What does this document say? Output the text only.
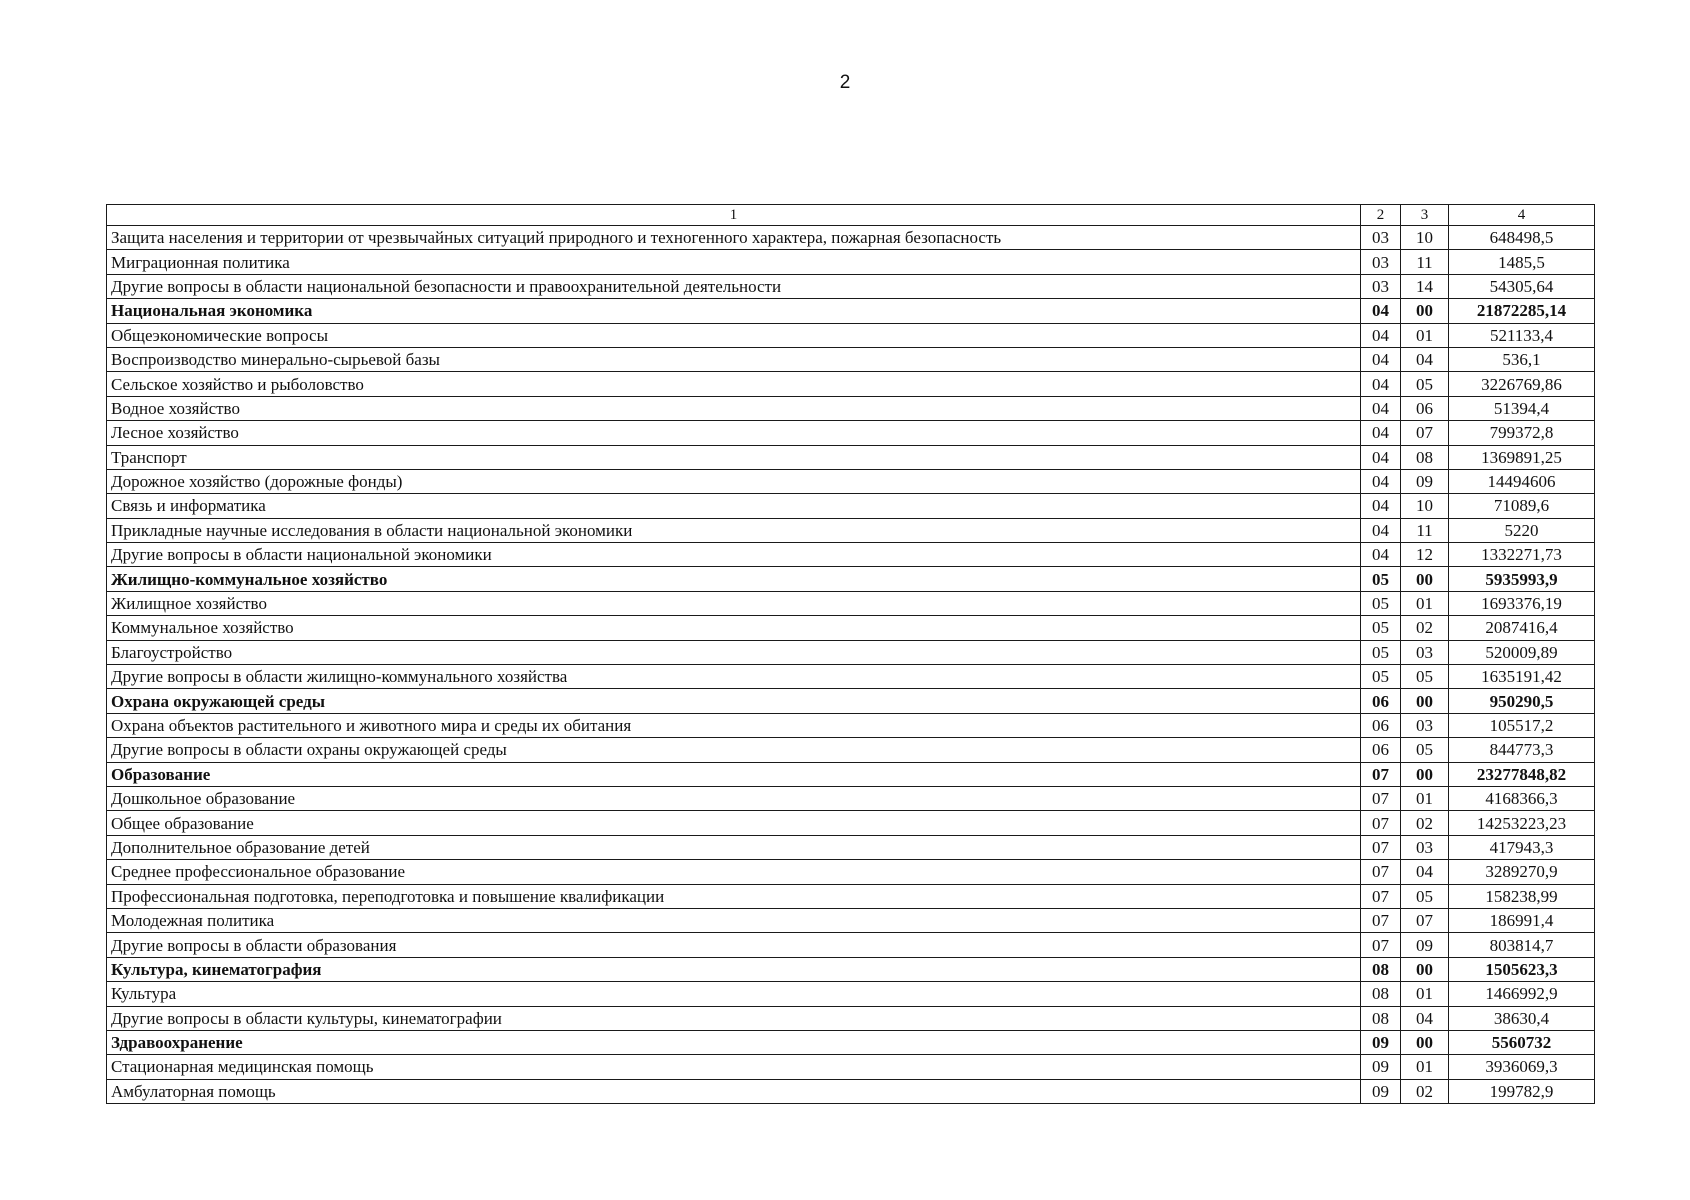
2
1	2	3	4
Защита населения и территории от чрезвычайных ситуаций природного и техногенного характера, пожарная безопасность	03	10	648498,5
Миграционная политика	03	11	1485,5
Другие вопросы в области национальной безопасности и правоохранительной деятельности	03	14	54305,64
Национальная экономика	04	00	21872285,14
Общеэкономические вопросы	04	01	521133,4
Воспроизводство минерально-сырьевой базы	04	04	536,1
Сельское хозяйство и рыболовство	04	05	3226769,86
Водное хозяйство	04	06	51394,4
Лесное хозяйство	04	07	799372,8
Транспорт	04	08	1369891,25
Дорожное хозяйство (дорожные фонды)	04	09	14494606
Связь и информатика	04	10	71089,6
Прикладные научные исследования в области национальной экономики	04	11	5220
Другие вопросы в области национальной экономики	04	12	1332271,73
Жилищно-коммунальное хозяйство	05	00	5935993,9
Жилищное хозяйство	05	01	1693376,19
Коммунальное хозяйство	05	02	2087416,4
Благоустройство	05	03	520009,89
Другие вопросы в области жилищно-коммунального хозяйства	05	05	1635191,42
Охрана окружающей среды	06	00	950290,5
Охрана объектов растительного и животного мира и среды их обитания	06	03	105517,2
Другие вопросы в области охраны окружающей среды	06	05	844773,3
Образование	07	00	23277848,82
Дошкольное образование	07	01	4168366,3
Общее образование	07	02	14253223,23
Дополнительное образование детей	07	03	417943,3
Среднее профессиональное образование	07	04	3289270,9
Профессиональная подготовка, переподготовка и повышение квалификации	07	05	158238,99
Молодежная политика	07	07	186991,4
Другие вопросы в области образования	07	09	803814,7
Культура, кинематография	08	00	1505623,3
Культура	08	01	1466992,9
Другие вопросы в области культуры, кинематографии	08	04	38630,4
Здравоохранение	09	00	5560732
Стационарная медицинская помощь	09	01	3936069,3
Амбулаторная помощь	09	02	199782,9
